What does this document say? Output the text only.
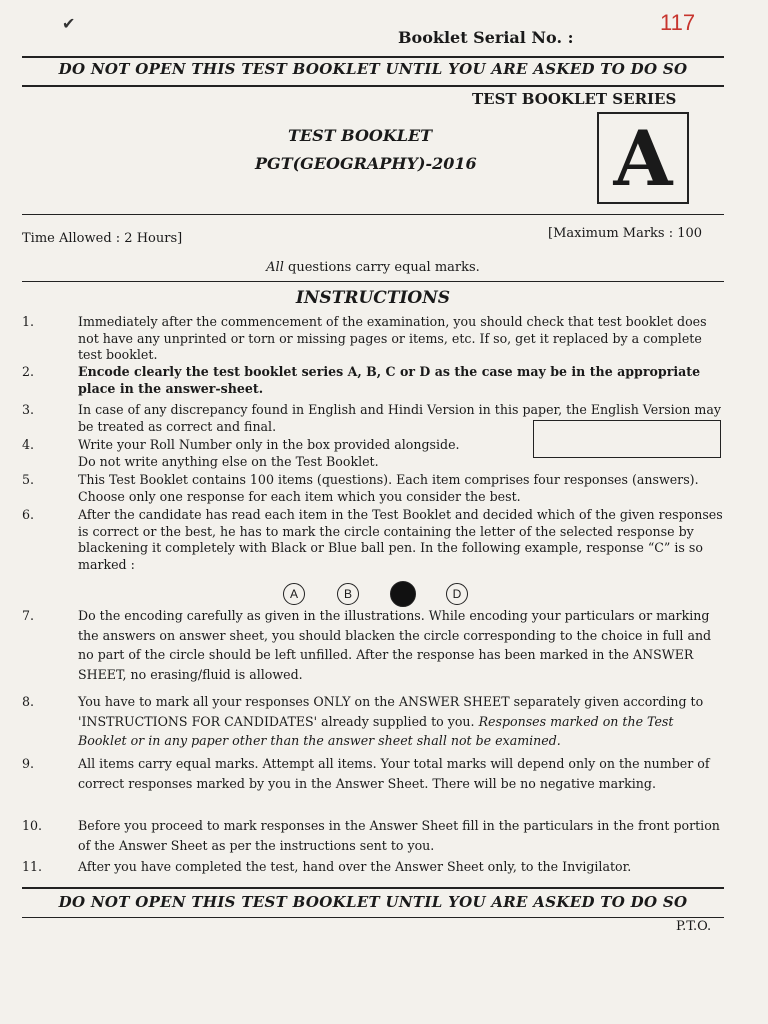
✔
Booklet Serial No. :
117
DO NOT OPEN THIS TEST BOOKLET UNTIL YOU ARE ASKED TO DO SO
TEST BOOKLET SERIES
TEST BOOKLET
PGT(GEOGRAPHY)-2016 A
Time Allowed : 2 Hours]	[Maximum Marks : 100
All questions carry equal marks.
INSTRUCTIONS
1.	Immediately after the commencement of the examination, you should check that test booklet does not have any unprinted or torn or missing pages or items, etc. If so, get it replaced by a complete test booklet.
2.	Encode clearly the test booklet series A, B, C or D as the case may be in the appropriate place in the answer-sheet.
3.	In case of any discrepancy found in English and Hindi Version in this paper, the English Version may be treated as correct and final.
4.	Write your Roll Number only in the box provided alongside.
Do not write anything else on the Test Booklet.
5.	This Test Booklet contains 100 items (questions). Each item comprises four responses (answers). Choose only one response for each item which you consider the best.
6.	After the candidate has read each item in the Test Booklet and decided which of the given responses is correct or the best, he has to mark the circle containing the letter of the selected response by blackening it completely with Black or Blue ball pen. In the following example, response “C” is so marked :
A	B	D
7.	Do the encoding carefully as given in the illustrations. While encoding your particulars or marking the answers on answer sheet, you should blacken the circle corresponding to the choice in full and no part of the circle should be left unfilled. After the response has been marked in the ANSWER SHEET, no erasing/fluid is allowed.
8.	You have to mark all your responses ONLY on the ANSWER SHEET separately given according to 'INSTRUCTIONS FOR CANDIDATES' already supplied to you. Responses marked on the Test Booklet or in any paper other than the answer sheet shall not be examined.
9.	All items carry equal marks. Attempt all items. Your total marks will depend only on the number of correct responses marked by you in the Answer Sheet. There will be no negative marking.
10.	Before you proceed to mark responses in the Answer Sheet fill in the particulars in the front portion of the Answer Sheet as per the instructions sent to you.
11.	After you have completed the test, hand over the Answer Sheet only, to the Invigilator.
DO NOT OPEN THIS TEST BOOKLET UNTIL YOU ARE ASKED TO DO SO
P.T.O.
